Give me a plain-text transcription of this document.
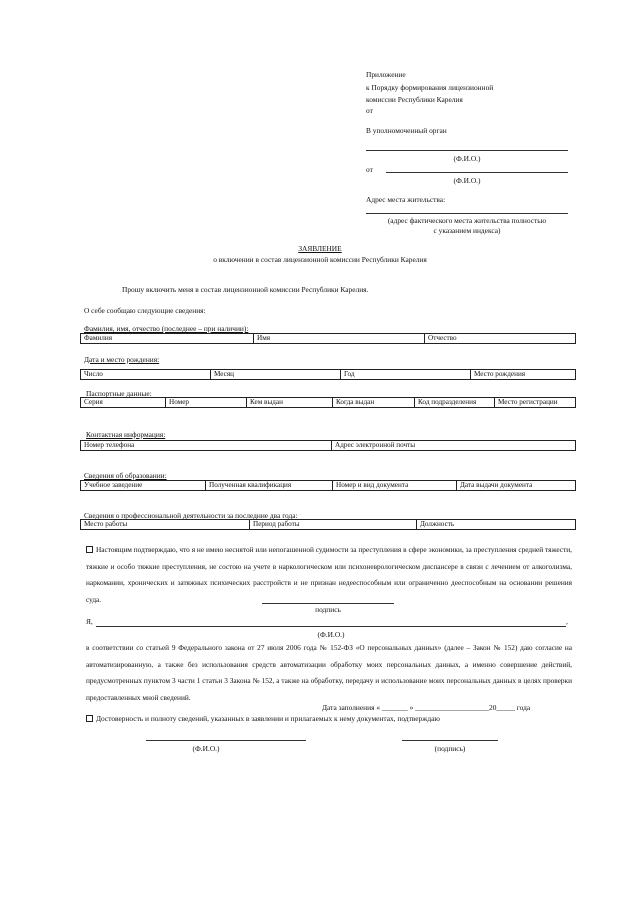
Приложение
к Порядку формирования лицензионной
комиссии Республики Карелия
от
В уполномоченный орган
(Ф.И.О.)
от
(Ф.И.О.)
Адрес места жительства:
(адрес фактического места жительства полностью
с указанием индекса)
ЗАЯВЛЕНИЕ
о включении в состав лицензионной комиссии Республики Карелия
Прошу включить меня в состав лицензионной комиссии Республики Карелия.
О себе сообщаю следующие сведения:
Фамилия, имя, отчество (последнее – при наличии):
Фамилия	Имя	Отчество
Дата и место рождения:
Число	Месяц	Год	Место рождения
Паспортные данные:
Серия	Номер	Кем выдан	Когда выдан	Код подразделения	Место регистрации
Контактная информация:
Номер телефона	Адрес электронной почты
Сведения об образовании:
Учебное заведение	Полученная квалификация	Номер и вид документа	Дата выдачи документа
Сведения о профессиональной деятельности за последние два года:
Место работы	Период работы	Должность
Настоящим подтверждаю, что я не имею неснятой или непогашенной судимости за преступления в сфере экономики, за преступления средней тяжести, тяжкие и особо тяжкие преступления, не состою на учете в наркологическом или психоневрологическом диспансере в связи с лечением от алкоголизма, наркомании, хронических и затяжных психических расстройств и не признан недееспособным или ограниченно дееспособным на основании решения суда.
подпись
Я,	,
(Ф.И.О.)
в соответствии со статьей 9 Федерального закона от 27 июля 2006 года № 152-ФЗ «О персональных данных» (далее – Закон № 152) даю согласие на автоматизированную, а также без использования средств автоматизации обработку моих персональных данных, а именно совершение действий, предусмотренных пунктом 3 части 1 статьи 3 Закона № 152, а также на обработку, передачу и использование моих персональных данных в целях проверки предоставленных мной сведений.
Дата заполнения « _______ » ____________________20_____ года
Достоверность и полноту сведений, указанных в заявлении и прилагаемых к нему документах, подтверждаю
(Ф.И.О.)	(подпись)
